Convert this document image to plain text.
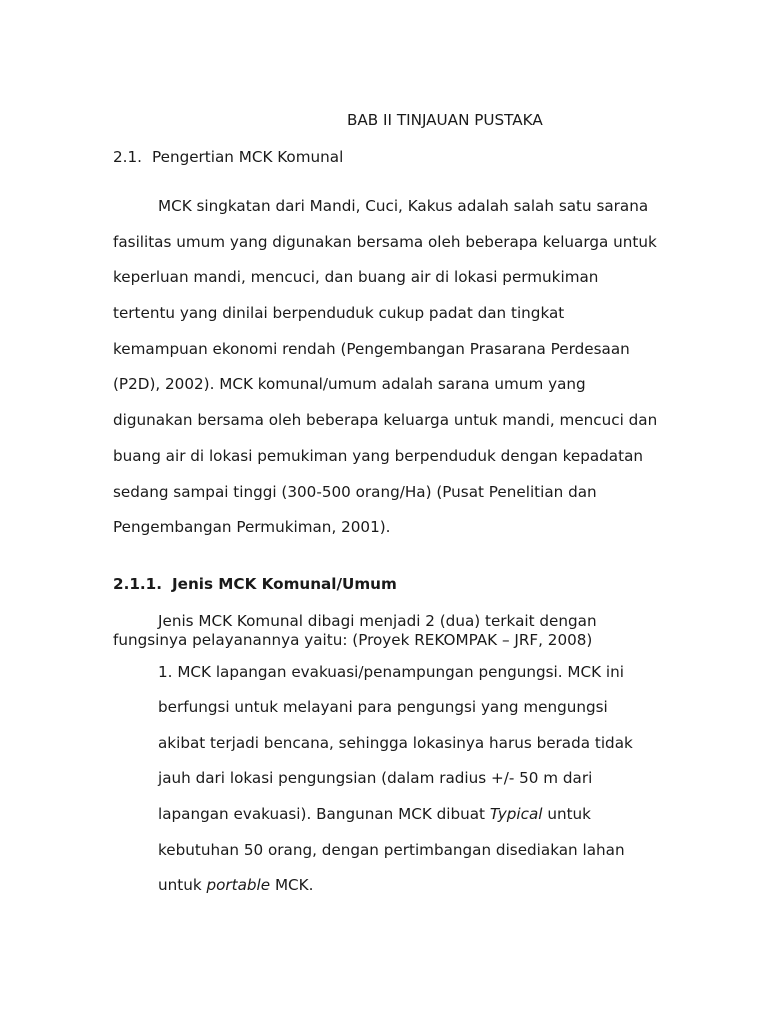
BAB II TINJAUAN PUSTAKA
2.1. Pengertian MCK Komunal
MCK singkatan dari Mandi, Cuci, Kakus adalah salah satu sarana
fasilitas umum yang digunakan bersama oleh beberapa keluarga untuk
keperluan mandi, mencuci, dan buang air di lokasi permukiman
tertentu yang dinilai berpenduduk cukup padat dan tingkat
kemampuan ekonomi rendah (Pengembangan Prasarana Perdesaan
(P2D), 2002). MCK komunal/umum adalah sarana umum yang
digunakan bersama oleh beberapa keluarga untuk mandi, mencuci dan
buang air di lokasi pemukiman yang berpenduduk dengan kepadatan
sedang sampai tinggi (300-500 orang/Ha) (Pusat Penelitian dan
Pengembangan Permukiman, 2001).
2.1.1. Jenis MCK Komunal/Umum
Jenis MCK Komunal dibagi menjadi 2 (dua) terkait dengan
fungsinya pelayanannya yaitu: (Proyek REKOMPAK – JRF, 2008)
1. MCK lapangan evakuasi/penampungan pengungsi. MCK ini
berfungsi untuk melayani para pengungsi yang mengungsi
akibat terjadi bencana, sehingga lokasinya harus berada tidak
jauh dari lokasi pengungsian (dalam radius +/- 50 m dari
lapangan evakuasi). Bangunan MCK dibuat Typical untuk
kebutuhan 50 orang, dengan pertimbangan disediakan lahan
untuk portable MCK.
